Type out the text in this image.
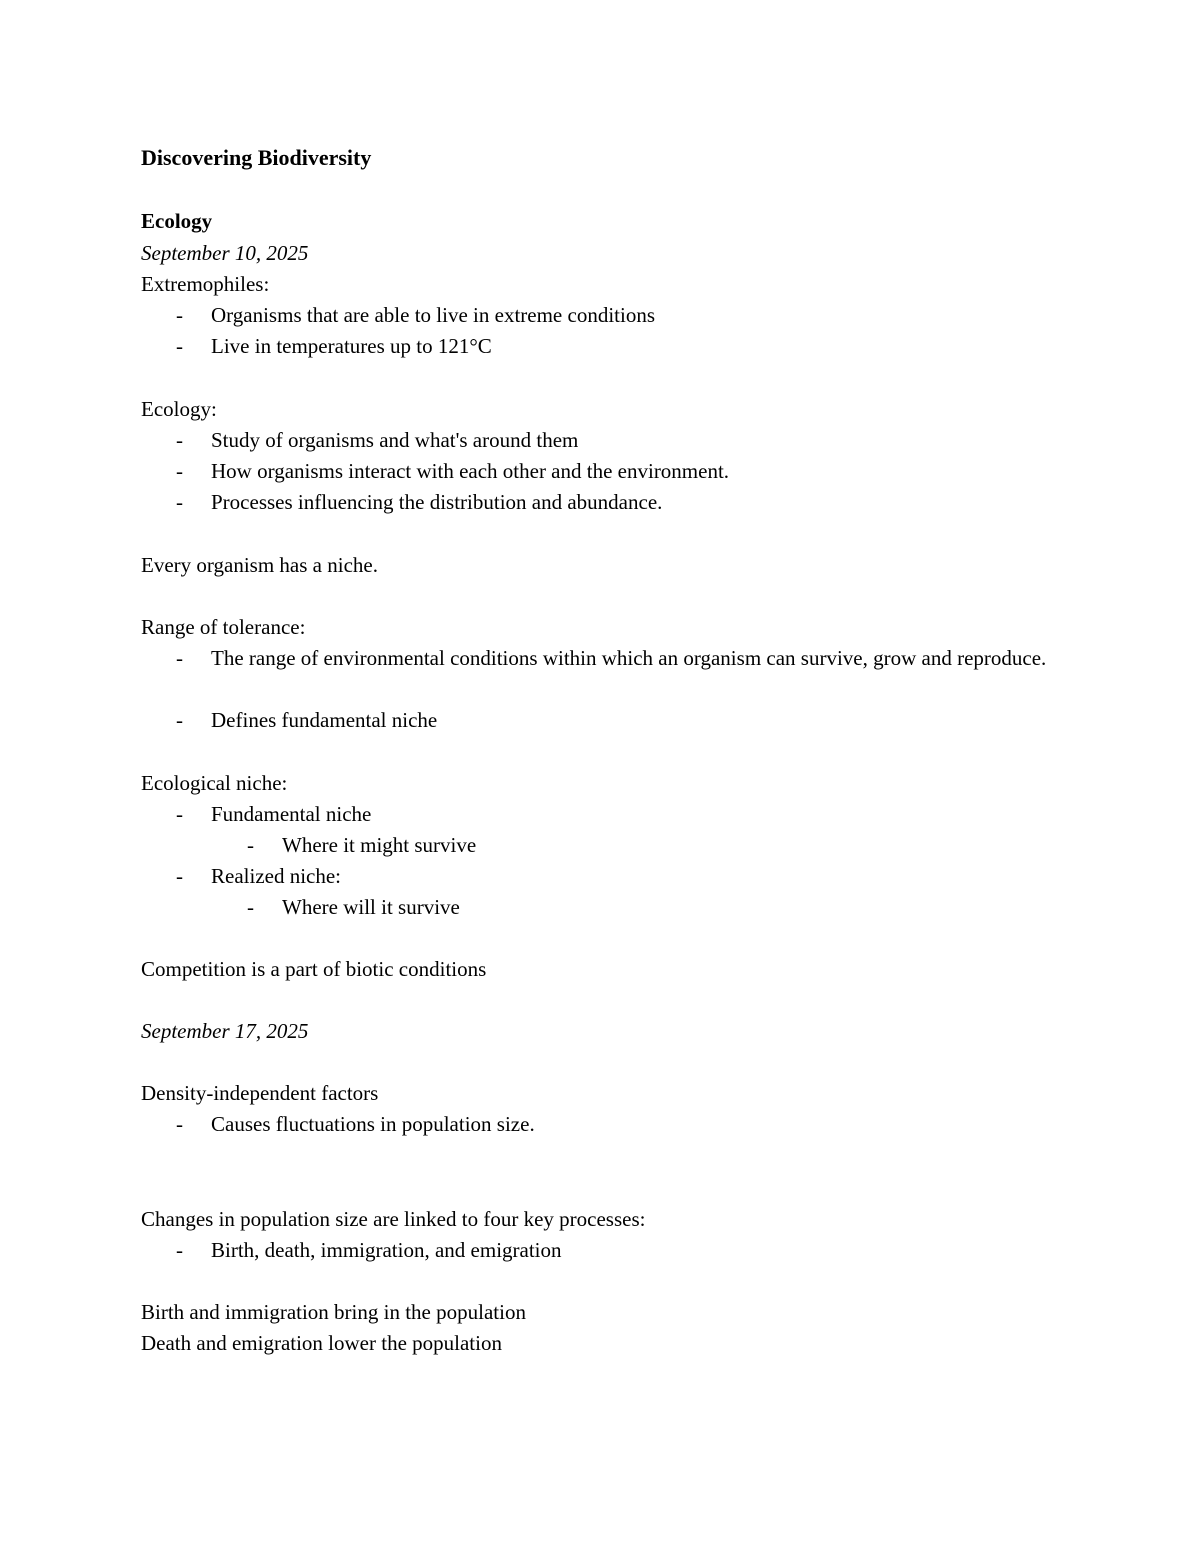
Discovering Biodiversity
Ecology
September 10, 2025
Extremophiles:
- Organisms that are able to live in extreme conditions
- Live in temperatures up to 121°C
Ecology:
- Study of organisms and what's around them
- How organisms interact with each other and the environment.
- Processes influencing the distribution and abundance.
Every organism has a niche.
Range of tolerance:
- The range of environmental conditions within which an organism can survive, grow and reproduce.
- Defines fundamental niche
Ecological niche:
- Fundamental niche
- Where it might survive
- Realized niche:
- Where will it survive
Competition is a part of biotic conditions
September 17, 2025
Density-independent factors
- Causes fluctuations in population size.
Changes in population size are linked to four key processes:
- Birth, death, immigration, and emigration
Birth and immigration bring in the population
Death and emigration lower the population
